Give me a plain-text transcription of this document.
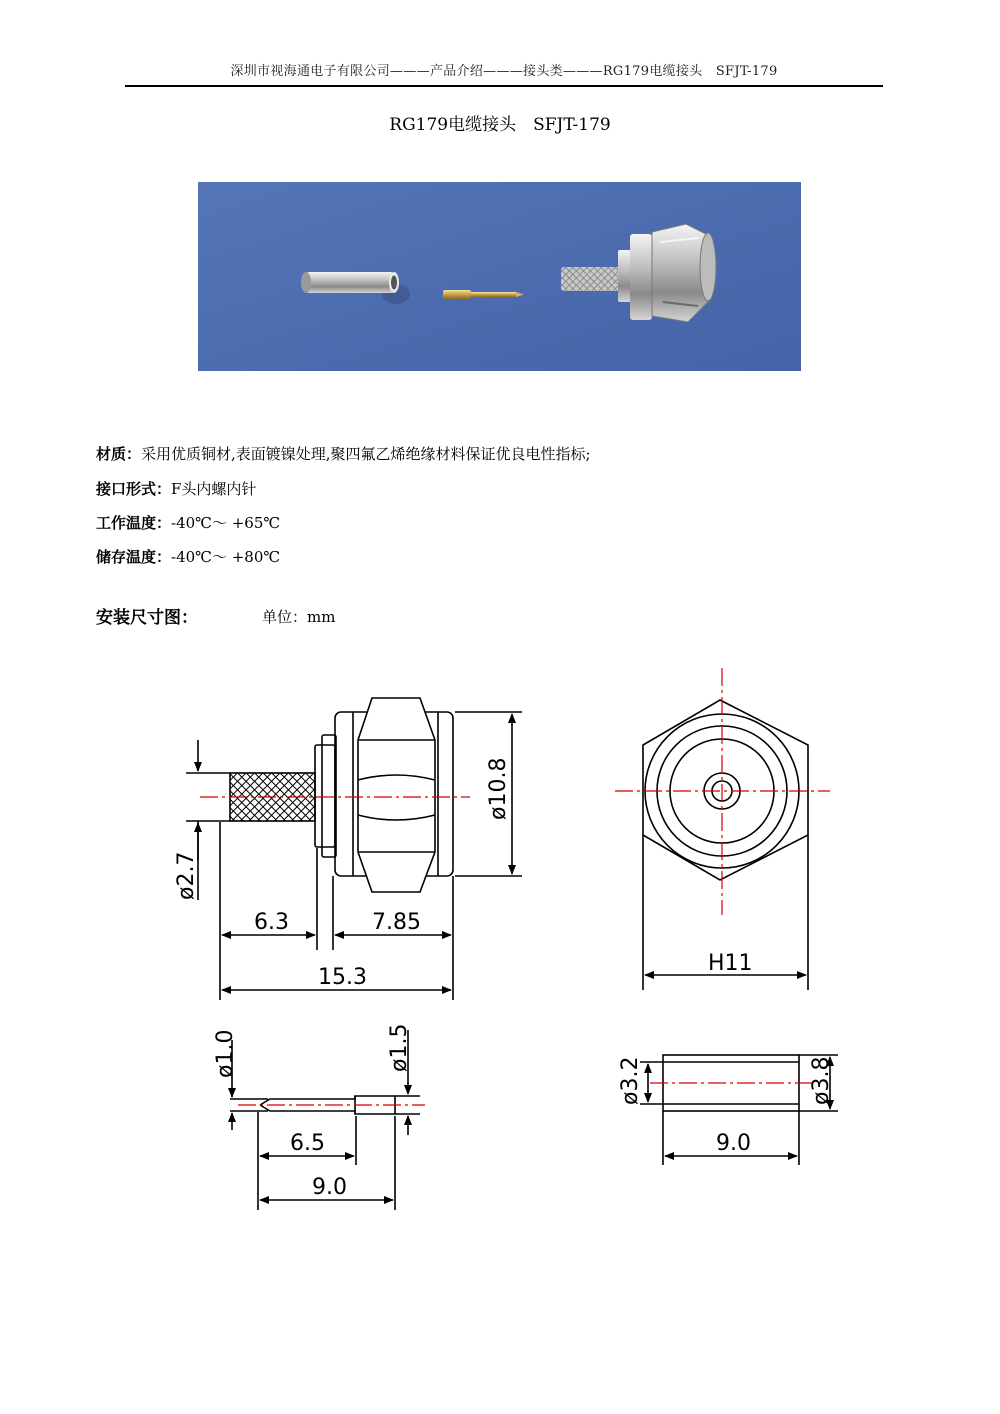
深圳市视海通电子有限公司———产品介绍———接头类———RG179电缆接头　SFJT-179
RG179电缆接头　SFJT-179
材质：采用优质铜材,表面镀镍处理,聚四氟乙烯绝缘材料保证优良电性指标;
接口形式：F头内螺内针
工作温度：-40℃～ +65℃
储存温度：-40℃～ +80℃
安装尺寸图：	单位：mm
ø2.7
ø10.8
6.3	7.85
15.3
H11
ø1.0	ø1.5
6.5
9.0
ø3.2	ø3.8
9.0
